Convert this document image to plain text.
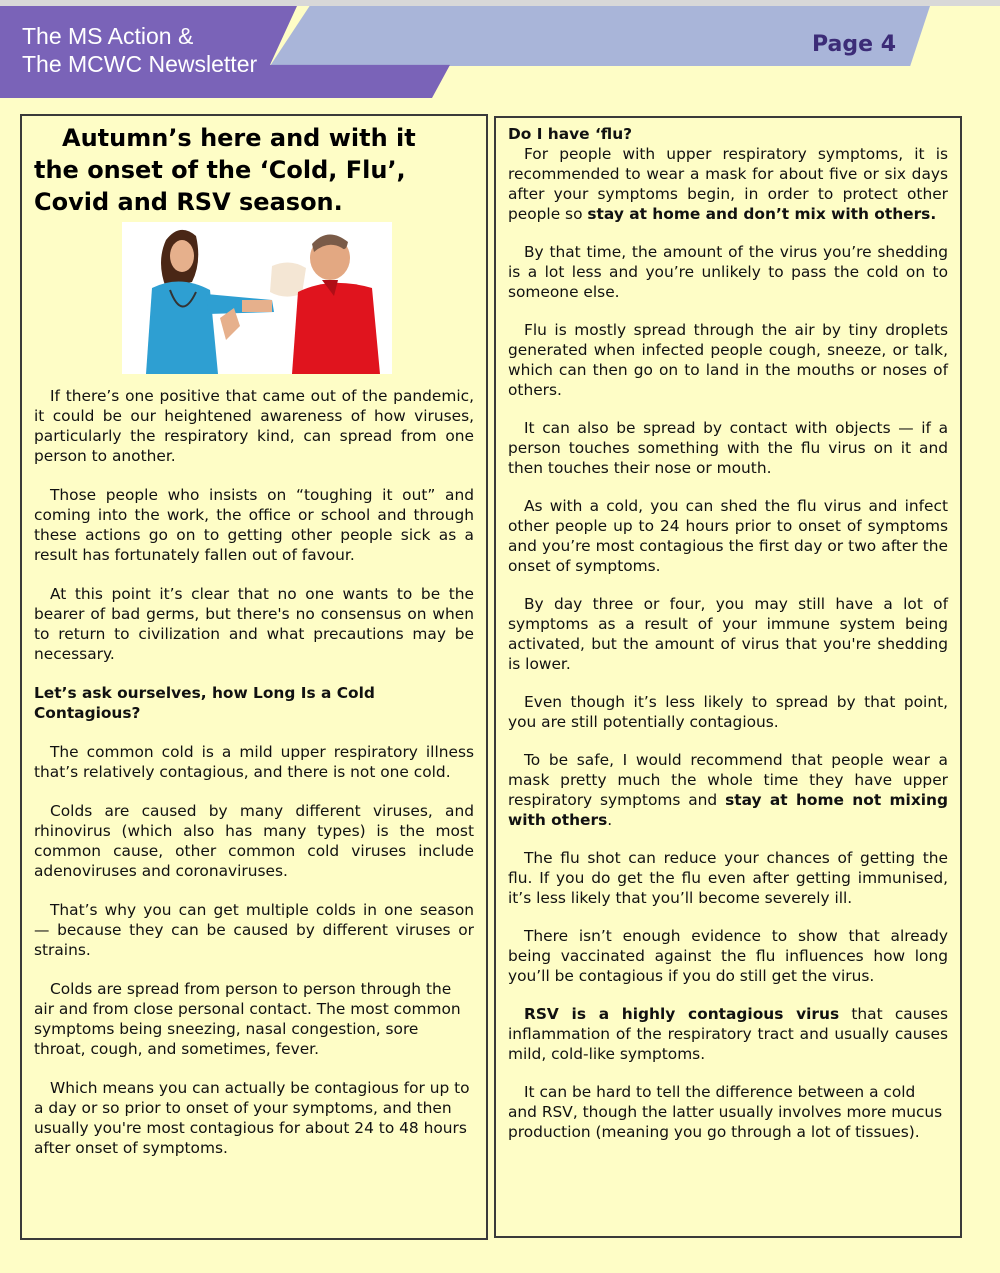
The MS Action &
The MCWC Newsletter
Page 4
Autumn’s here and with it
the onset of the ‘Cold, Flu’,
Covid and RSV season.

If there’s one positive that came out of the pandemic, it could be our heightened awareness of how viruses, particularly the respiratory kind, can spread from one person to another.

Those people who insists on “toughing it out” and coming into the work, the office or school and through these actions go on to getting other people sick as a result has fortunately fallen out of favour.

At this point it’s clear that no one wants to be the bearer of bad germs, but there's no consensus on when to return to civilization and what precautions may be necessary.

Let’s ask ourselves, how Long Is a Cold Contagious?

The common cold is a mild upper respiratory illness that’s relatively contagious, and there is not one cold.

Colds are caused by many different viruses, and rhinovirus (which also has many types) is the most common cause, other common cold viruses include adenoviruses and coronaviruses.

That’s why you can get multiple colds in one season — because they can be caused by different viruses or strains.

Colds are spread from person to person through the air and from close personal contact. The most common symptoms being sneezing, nasal congestion, sore throat, cough, and sometimes, fever.

Which means you can actually be contagious for up to a day or so prior to onset of your symptoms, and then usually you're most contagious for about 24 to 48 hours after onset of symptoms.

Do I have ‘flu?

For people with upper respiratory symptoms, it is recommended to wear a mask for about five or six days after your symptoms begin, in order to protect other people so stay at home and don’t mix with others.

By that time, the amount of the virus you’re shedding is a lot less and you’re unlikely to pass the cold on to someone else.

Flu is mostly spread through the air by tiny droplets generated when infected people cough, sneeze, or talk, which can then go on to land in the mouths or noses of others.

It can also be spread by contact with objects — if a person touches something with the flu virus on it and then touches their nose or mouth.

As with a cold, you can shed the flu virus and infect other people up to 24 hours prior to onset of symptoms and you’re most contagious the first day or two after the onset of symptoms.

By day three or four, you may still have a lot of symptoms as a result of your immune system being activated, but the amount of virus that you're shedding is lower.

Even though it’s less likely to spread by that point, you are still potentially contagious.

To be safe, I would recommend that people wear a mask pretty much the whole time they have upper respiratory symptoms and stay at home not mixing with others.

The flu shot can reduce your chances of getting the flu. If you do get the flu even after getting immunised, it’s less likely that you’ll become severely ill.

There isn’t enough evidence to show that already being vaccinated against the flu influences how long you’ll be contagious if you do still get the virus.

RSV is a highly contagious virus that causes inflammation of the respiratory tract and usually causes mild, cold-like symptoms.

It can be hard to tell the difference between a cold and RSV, though the latter usually involves more mucus production (meaning you go through a lot of tissues).
